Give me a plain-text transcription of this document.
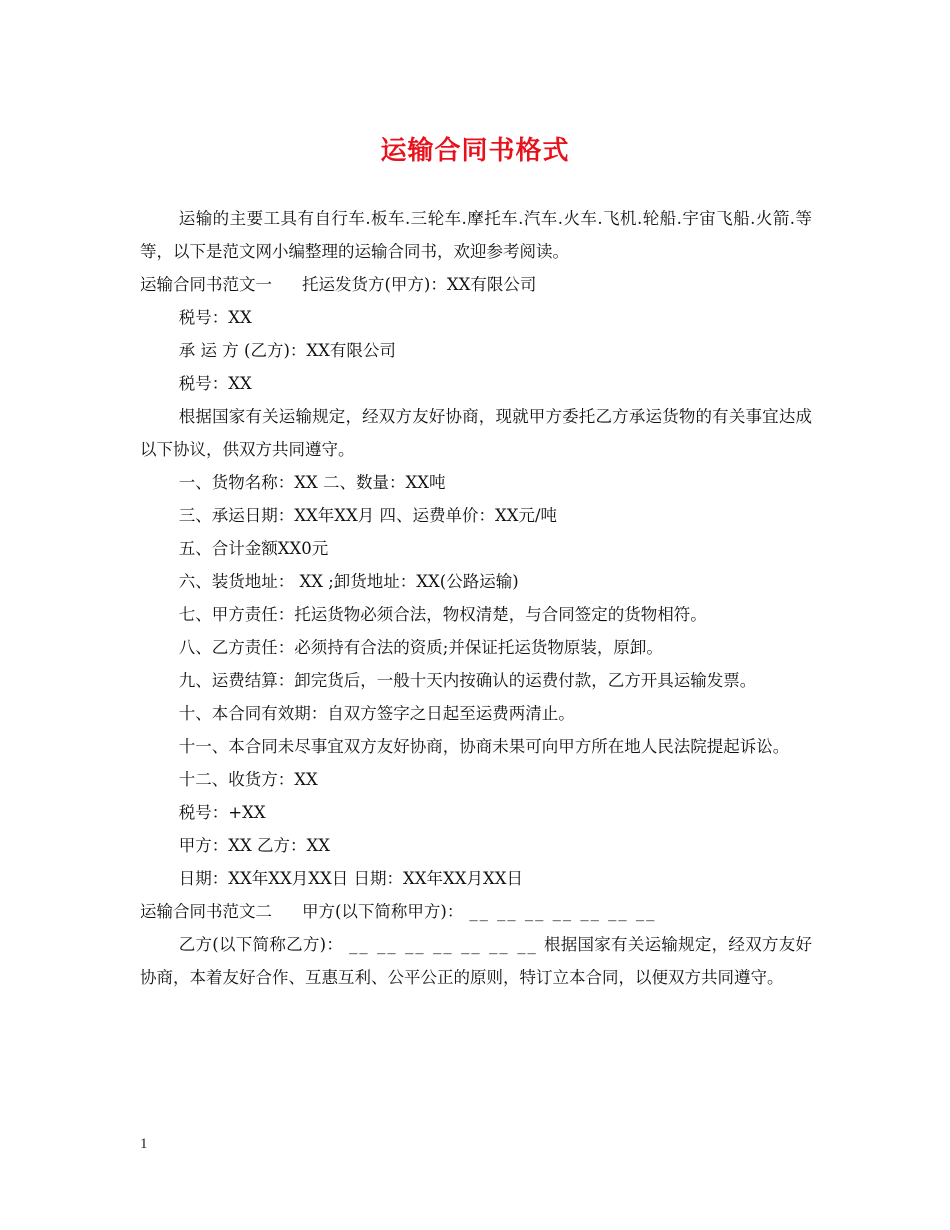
运输合同书格式

运输的主要工具有自行车.板车.三轮车.摩托车.汽车.火车.飞机.轮船.宇宙飞船.火箭.等等，以下是范文网小编整理的运输合同书，欢迎参考阅读。

运输合同书范文一 托运发货方(甲方)：XX有限公司

税号：XX

承 运 方 (乙方)：XX有限公司

税号：XX

根据国家有关运输规定，经双方友好协商，现就甲方委托乙方承运货物的有关事宜达成以下协议，供双方共同遵守。

一、货物名称：XX 二、数量：XX吨

三、承运日期：XX年XX月 四、运费单价：XX元/吨

五、合计金额XX0元

六、装货地址： XX ;卸货地址：XX(公路运输)

七、甲方责任：托运货物必须合法，物权清楚，与合同签定的货物相符。

八、乙方责任：必须持有合法的资质;并保证托运货物原装，原卸。

九、运费结算：卸完货后，一般十天内按确认的运费付款，乙方开具运输发票。

十、本合同有效期：自双方签字之日起至运费两清止。

十一、本合同未尽事宜双方友好协商，协商未果可向甲方所在地人民法院提起诉讼。

十二、收货方：XX

税号：+XX

甲方：XX 乙方：XX

日期：XX年XX月XX日 日期：XX年XX月XX日

运输合同书范文二 甲方(以下简称甲方)： __ __ __ __ __ __ __

乙方(以下简称乙方)： __ __ __ __ __ __ __ 根据国家有关运输规定，经双方友好协商，本着友好合作、互惠互利、公平公正的原则，特订立本合同，以便双方共同遵守。

1
